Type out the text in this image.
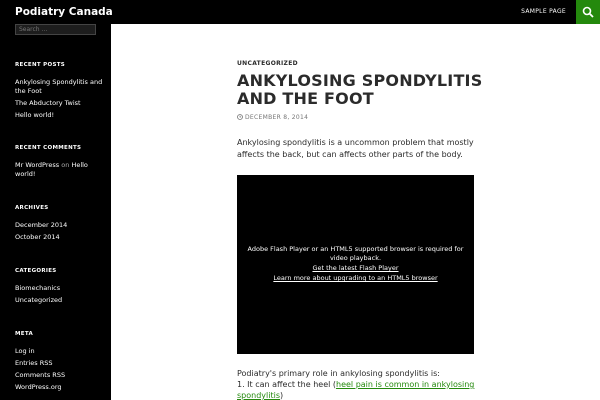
Podiatry Canada	SAMPLE PAGE
Search …
RECENT POSTS
Ankylosing Spondylitis and the Foot
The Abductory Twist
Hello world!
RECENT COMMENTS
Mr WordPress on Hello world!
ARCHIVES
December 2014
October 2014
CATEGORIES
Biomechanics
Uncategorized
META
Log in
Entries RSS
Comments RSS
WordPress.org
UNCATEGORIZED
ANKYLOSING SPONDYLITIS AND THE FOOT
DECEMBER 8, 2014

Ankylosing spondylitis is a uncommon problem that mostly affects the back, but can affects other parts of the body.

Adobe Flash Player or an HTML5 supported browser is required for video playback.
Get the latest Flash Player
Learn more about upgrading to an HTML5 browser
Podiatry's primary role in ankylosing spondylitis is:
1. It can affect the heel (heel pain is common in ankylosing spondylitis)
